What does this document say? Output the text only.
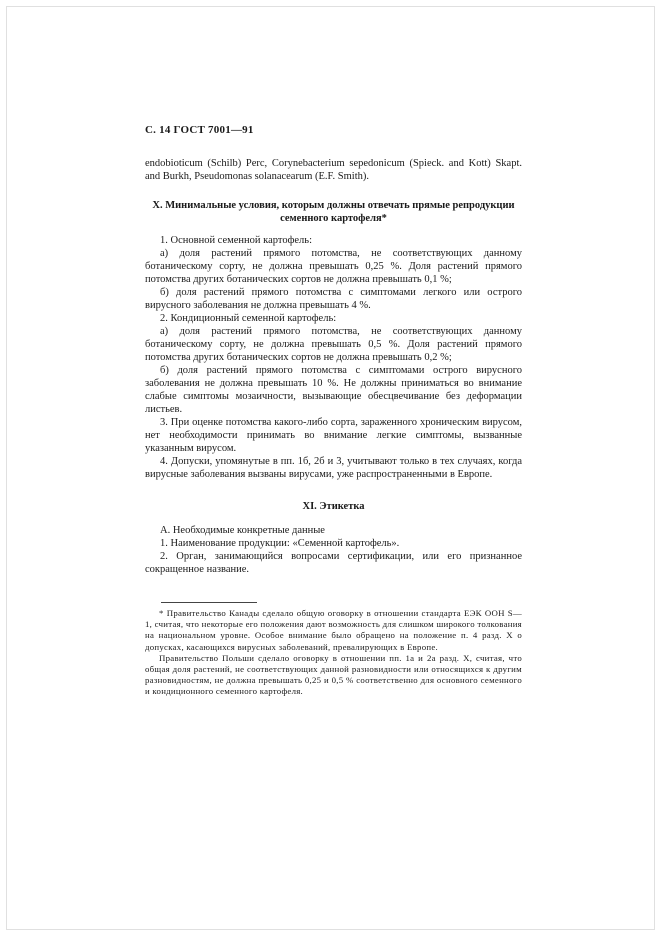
С. 14 ГОСТ 7001—91

endobioticum (Schilb) Perc, Corynebacterium sepedonicum (Spieck. and Kott) Skapt. and Burkh, Pseudomonas solanacearum (E.F. Smith).

X. Минимальные условия, которым должны отвечать прямые репродукции семенного картофеля*

1. Основной семенной картофель:

а) доля растений прямого потомства, не соответствующих данному ботаническому сорту, не должна превышать 0,25 %. Доля растений прямого потомства других ботанических сортов не должна превышать 0,1 %;

б) доля растений прямого потомства с симптомами легкого или острого вирусного заболевания не должна превышать 4 %.

2. Кондиционный семенной картофель:

а) доля растений прямого потомства, не соответствующих данному ботаническому сорту, не должна превышать 0,5 %. Доля растений прямого потомства других ботанических сортов не должна превышать 0,2 %;

б) доля растений прямого потомства с симптомами острого вирусного заболевания не должна превышать 10 %. Не должны приниматься во внимание слабые симптомы мозаичности, вызывающие обесцвечивание без деформации листьев.

3. При оценке потомства какого-либо сорта, зараженного хроническим вирусом, нет необходимости принимать во внимание легкие симптомы, вызванные указанным вирусом.

4. Допуски, упомянутые в пп. 1б, 2б и 3, учитывают только в тех случаях, когда вирусные заболевания вызваны вирусами, уже распространенными в Европе.

XI. Этикетка

А. Необходимые конкретные данные

1. Наименование продукции: «Семенной картофель».

2. Орган, занимающийся вопросами сертификации, или его признанное сокращенное название.

* Правительство Канады сделало общую оговорку в отношении стандарта ЕЭК ООН S—1, считая, что некоторые его положения дают возможность для слишком широкого толкования на национальном уровне. Особое внимание было обращено на положение п. 4 разд. X о допусках, касающихся вирусных заболеваний, превалирующих в Европе.

Правительство Польши сделало оговорку в отношении пп. 1а и 2а разд. X, считая, что общая доля растений, не соответствующих данной разновидности или относящихся к другим разновидностям, не должна превышать 0,25 и 0,5 % соответственно для основного семенного и кондиционного семенного картофеля.
